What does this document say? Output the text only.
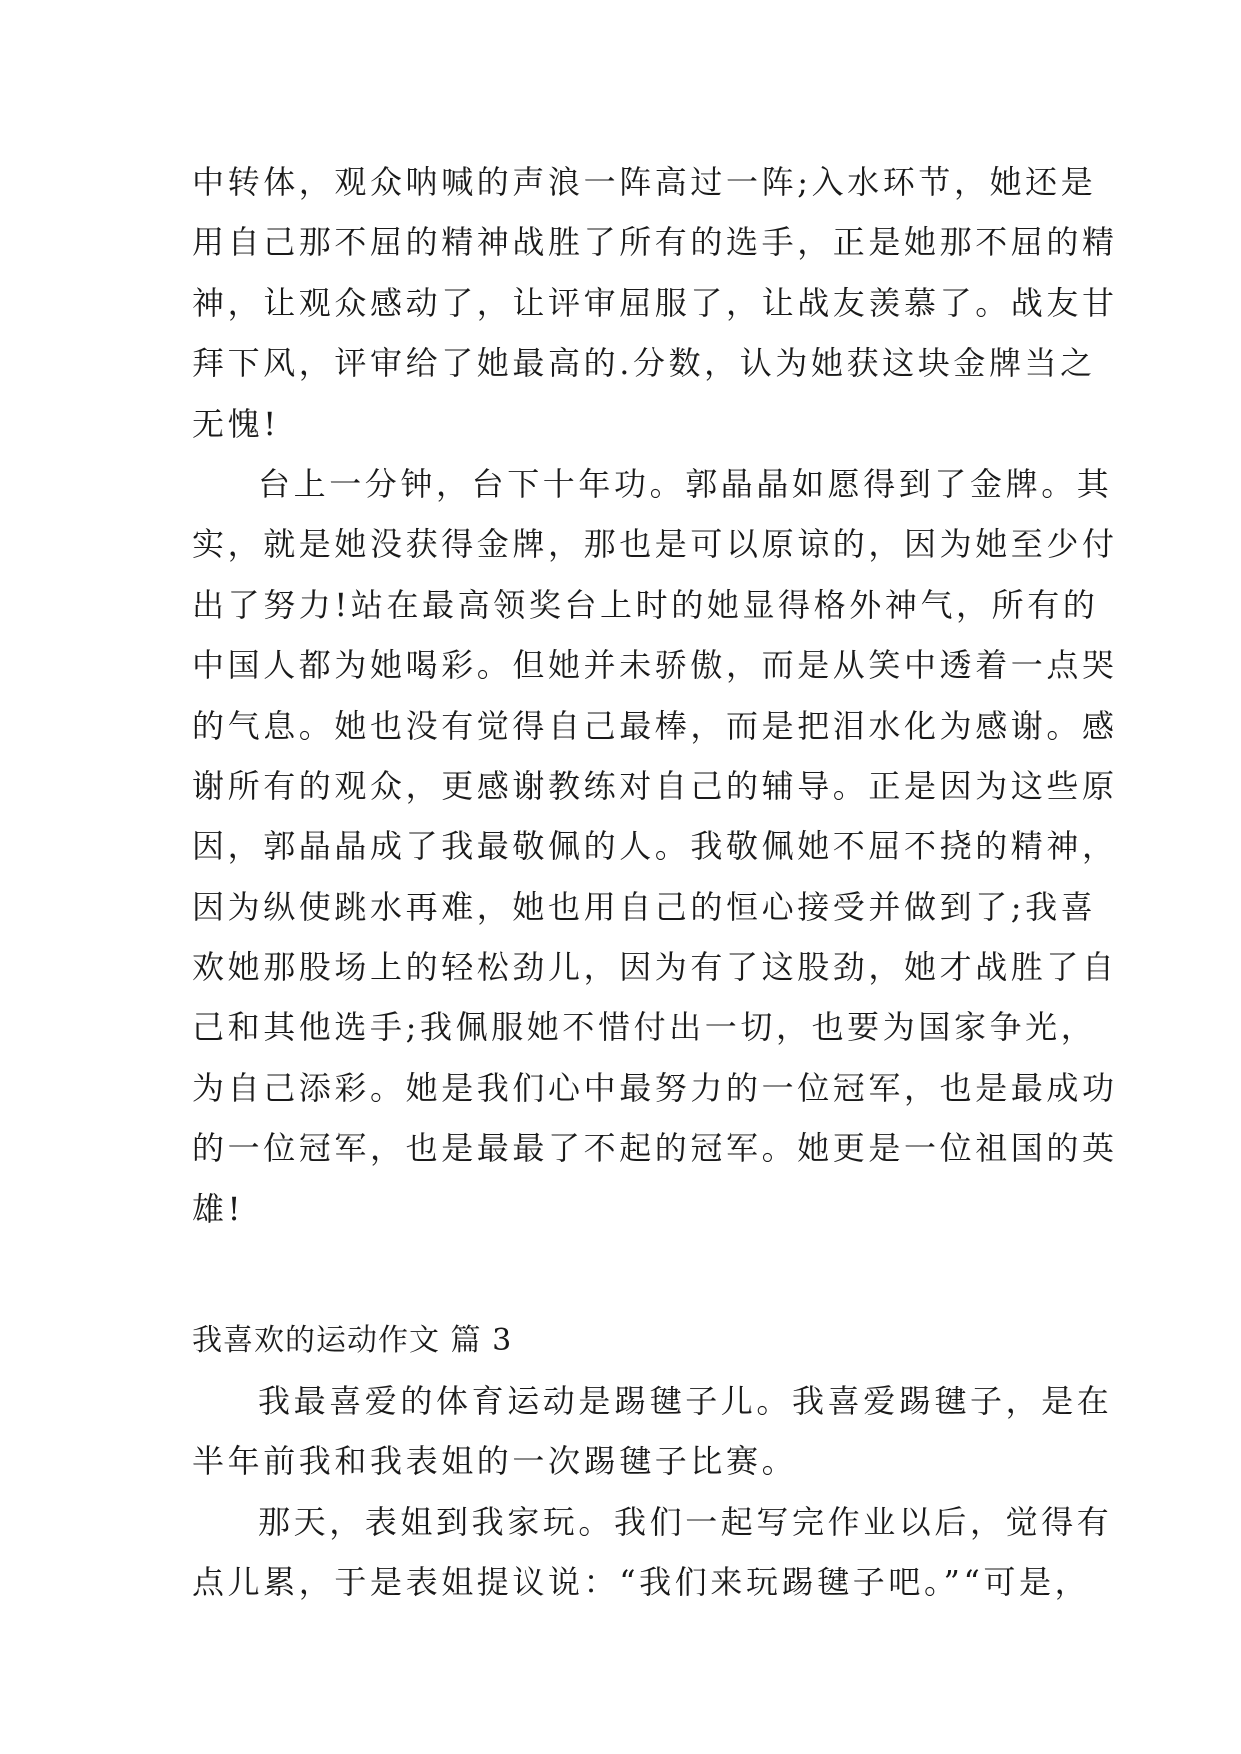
中转体，观众呐喊的声浪一阵高过一阵;入水环节，她还是
用自己那不屈的精神战胜了所有的选手，正是她那不屈的精
神，让观众感动了，让评审屈服了，让战友羡慕了。战友甘
拜下风，评审给了她最高的.分数，认为她获这块金牌当之
无愧!
台上一分钟，台下十年功。郭晶晶如愿得到了金牌。其
实，就是她没获得金牌，那也是可以原谅的，因为她至少付
出了努力!站在最高领奖台上时的她显得格外神气，所有的
中国人都为她喝彩。但她并未骄傲，而是从笑中透着一点哭
的气息。她也没有觉得自己最棒，而是把泪水化为感谢。感
谢所有的观众，更感谢教练对自己的辅导。正是因为这些原
因，郭晶晶成了我最敬佩的人。我敬佩她不屈不挠的精神，
因为纵使跳水再难，她也用自己的恒心接受并做到了;我喜
欢她那股场上的轻松劲儿，因为有了这股劲，她才战胜了自
己和其他选手;我佩服她不惜付出一切，也要为国家争光，
为自己添彩。她是我们心中最努力的一位冠军，也是最成功
的一位冠军，也是最最了不起的冠军。她更是一位祖国的英
雄!
我喜欢的运动作文 篇 3
我最喜爱的体育运动是踢毽子儿。我喜爱踢毽子，是在
半年前我和我表姐的一次踢毽子比赛。
那天，表姐到我家玩。我们一起写完作业以后，觉得有
点儿累，于是表姐提议说：“我们来玩踢毽子吧。”“可是，
